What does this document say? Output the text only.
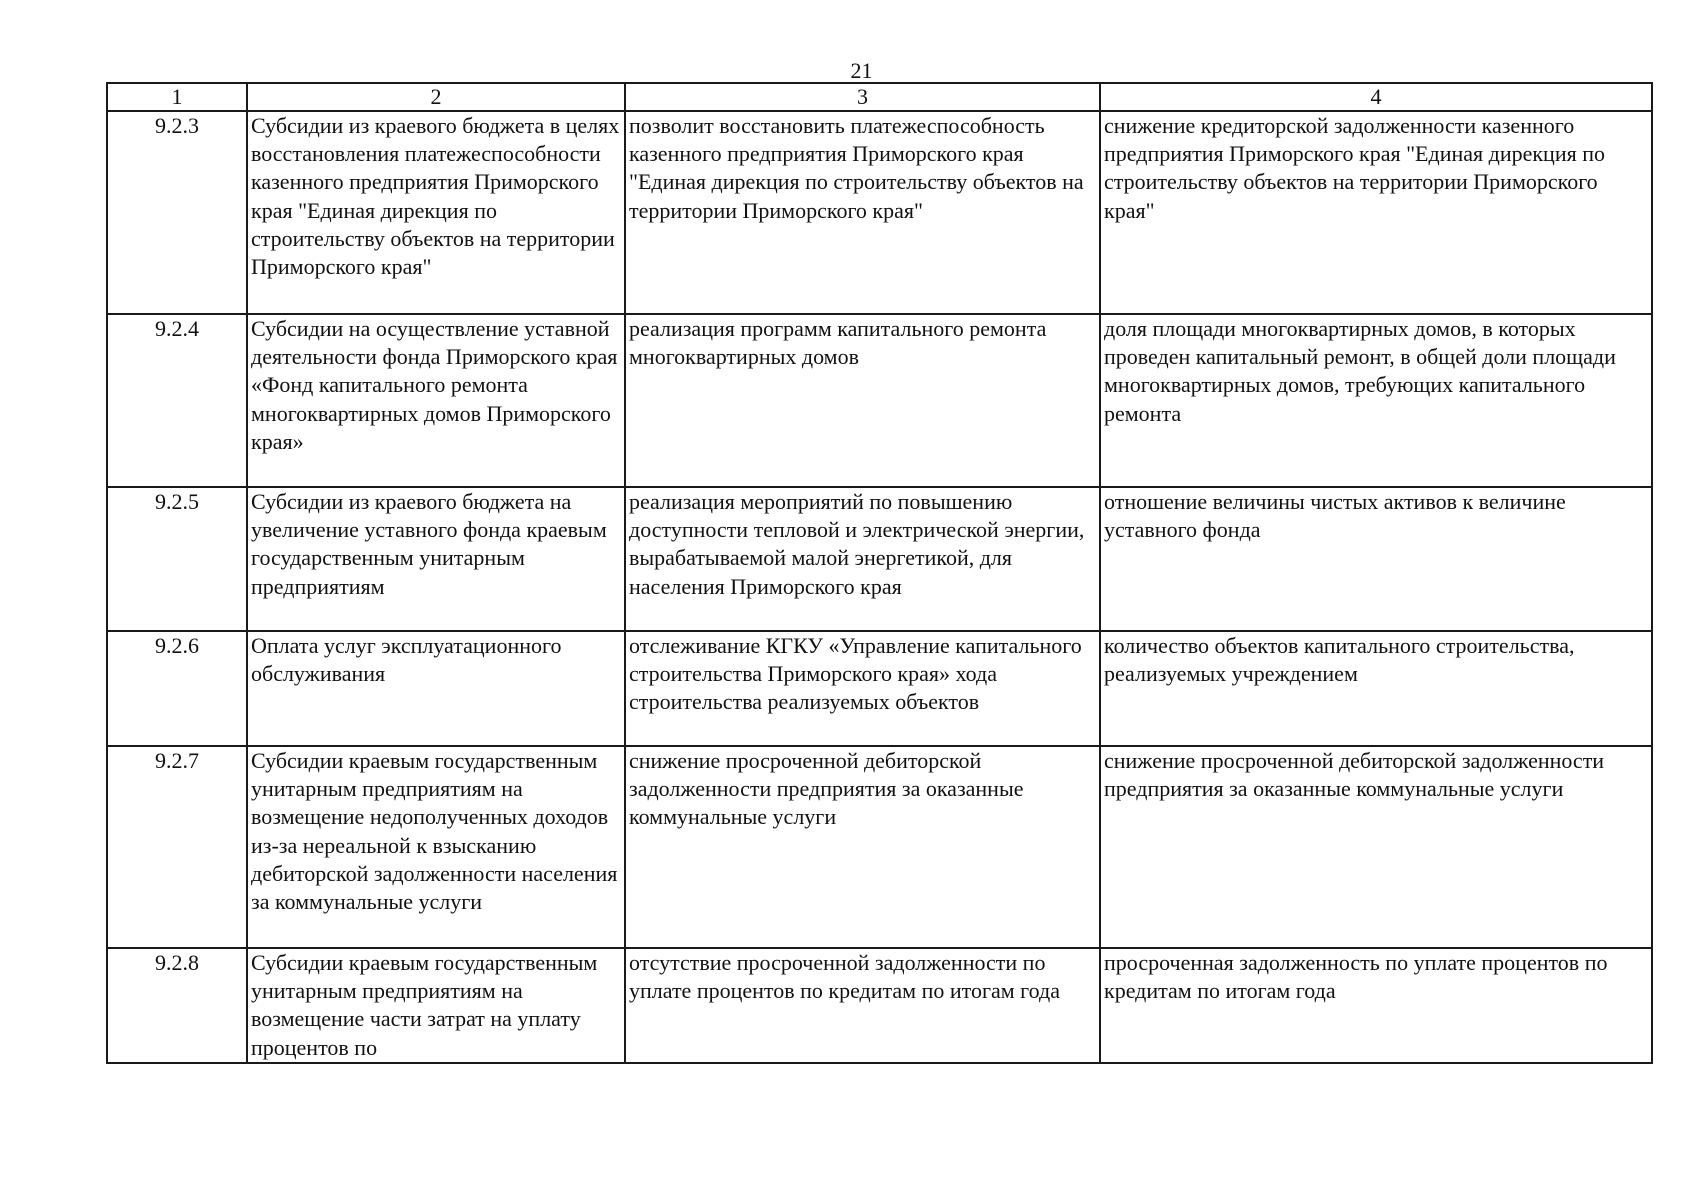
21
1	2	3	4
9.2.3	Субсидии из краевого бюджета в целях восстановления платежеспособности казенного предприятия Приморского края "Единая дирекция по строительству объектов на территории Приморского края"	позволит восстановить платежеспособность казенного предприятия Приморского края "Единая дирекция по строительству объектов на территории Приморского края"	снижение кредиторской задолженности казенного предприятия Приморского края "Единая дирекция по строительству объектов на территории Приморского края"
9.2.4	Субсидии на осуществление уставной деятельности фонда Приморского края «Фонд капитального ремонта многоквартирных домов Приморского края»	реализация программ капитального ремонта многоквартирных домов	доля площади многоквартирных домов, в которых проведен капитальный ремонт, в общей доли площади многоквартирных домов, требующих капитального ремонта
9.2.5	Субсидии из краевого бюджета на увеличение уставного фонда краевым государственным унитарным предприятиям	реализация мероприятий по повышению доступности тепловой и электрической энергии, вырабатываемой малой энергетикой, для населения Приморского края	отношение величины чистых активов к величине уставного фонда
9.2.6	Оплата услуг эксплуатационного обслуживания	отслеживание КГКУ «Управление капитального строительства Приморского края» хода строительства реализуемых объектов	количество объектов капитального строительства, реализуемых учреждением
9.2.7	Субсидии краевым государственным унитарным предприятиям на возмещение недополученных доходов из-за нереальной к взысканию дебиторской задолженности населения за коммунальные услуги	снижение просроченной дебиторской задолженности предприятия за оказанные коммунальные услуги	снижение просроченной дебиторской задолженности предприятия за оказанные коммунальные услуги
9.2.8	Субсидии краевым государственным унитарным предприятиям на возмещение части затрат на уплату процентов по	отсутствие просроченной задолженности по уплате процентов по кредитам по итогам года	просроченная задолженность по уплате процентов по кредитам по итогам года
